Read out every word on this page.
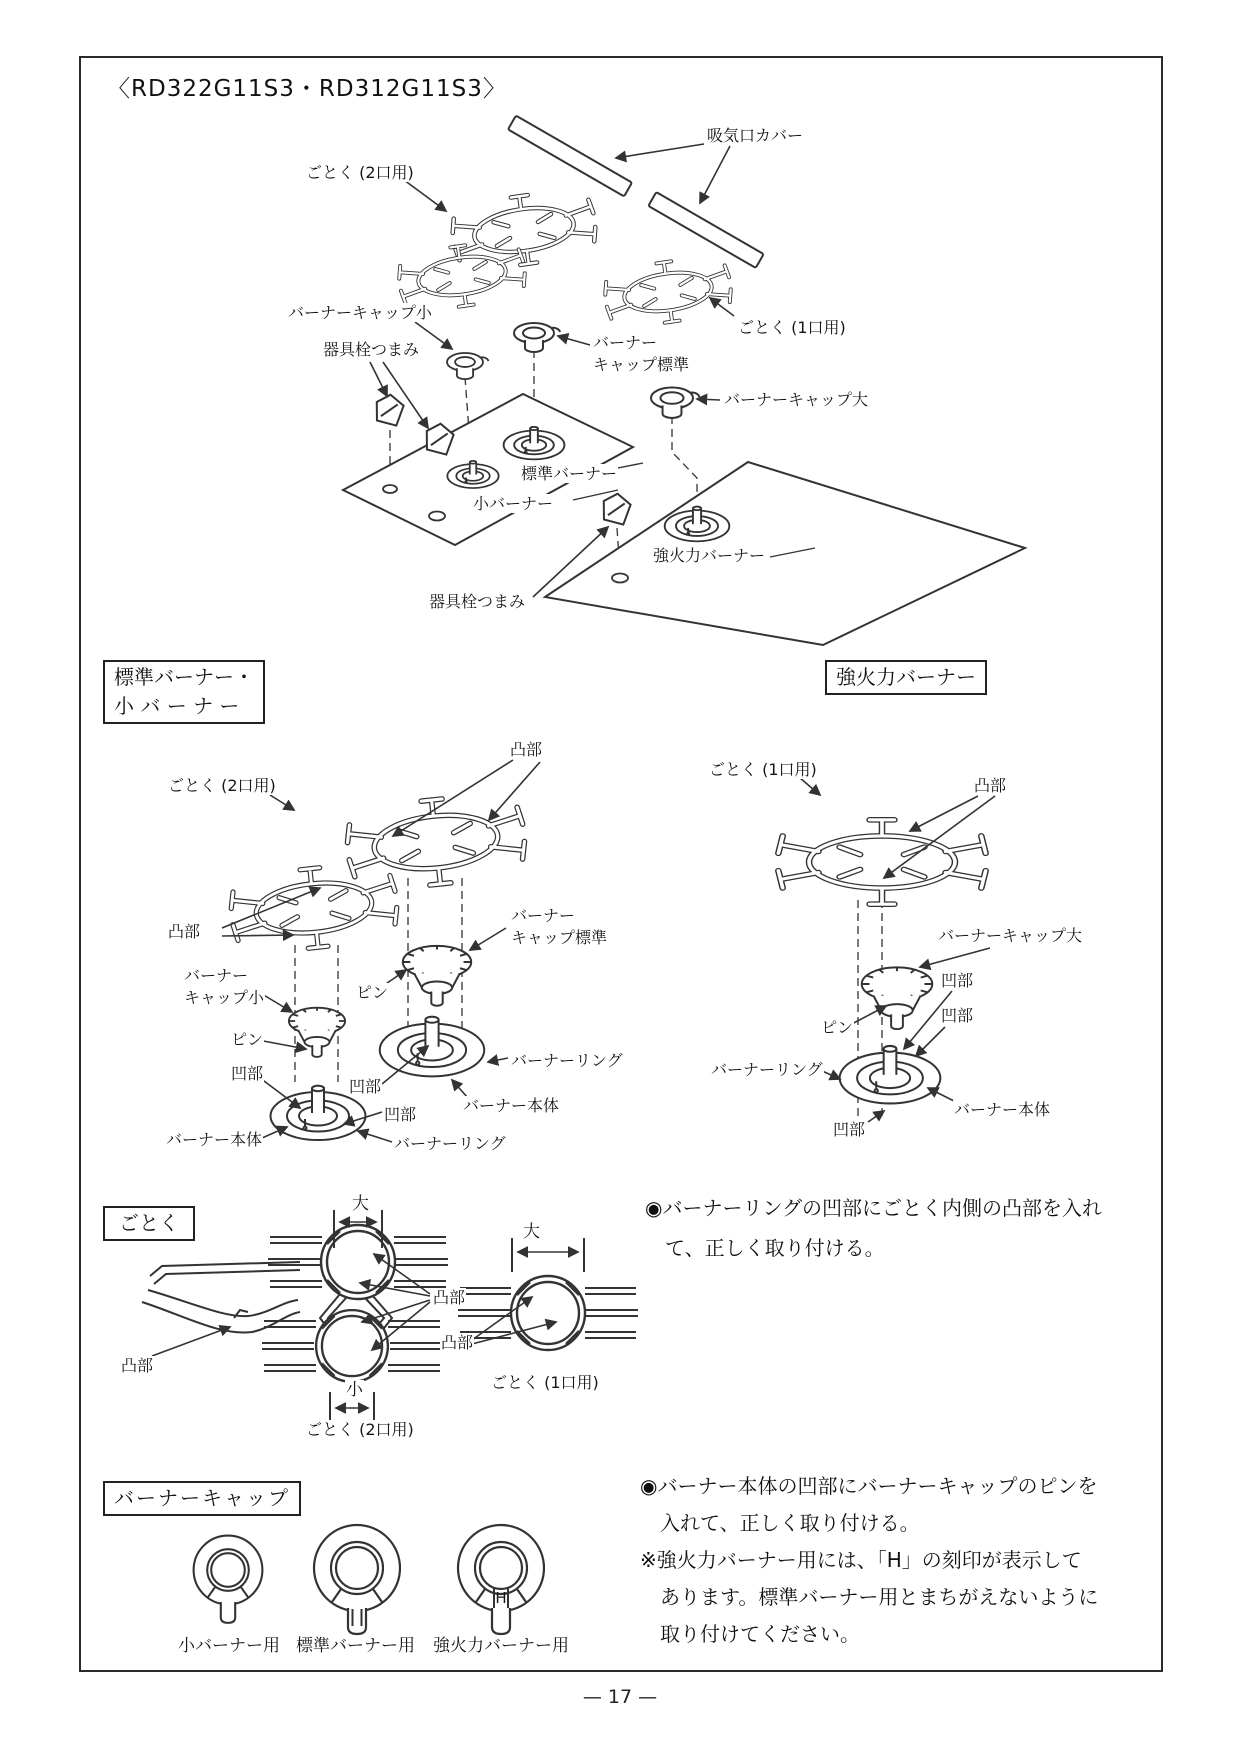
〈RD322G11S3・RD312G11S3〉
吸気口カバー
ごとく (2口用)
ごとく (1口用)
バーナーキャップ小
器具栓つまみ	バーナー
キャップ標準
バーナーキャップ大
標準バーナー
小バーナー
強火力バーナー
器具栓つまみ
標準バーナー・
小 バ ー ナ ー
強火力バーナー
凸部
ごとく (2口用)
凸部
バーナー
キャップ標準
バーナー
キャップ小	ピン
ピン
凹部
凹部
凹部
バーナーリング
バーナー本体
バーナー本体	バーナーリング
ごとく (1口用)
凸部
バーナーキャップ大
凹部
凹部
ピン
バーナーリング
バーナー本体
凹部
ごとく
◉バーナーリングの凹部にごとく内側の凸部を入れ
て、正しく取り付ける。
凸部
大
凸部
小
ごとく (2口用)
大
凸部
ごとく (1口用)
バーナーキャップ
H
小バーナー用 標準バーナー用 強火力バーナー用
◉バーナー本体の凹部にバーナーキャップのピンを
入れて、正しく取り付ける。
※強火力バーナー用には、「H」の刻印が表示して
あります。標準バーナー用とまちがえないように
取り付けてください。
— 17 —
